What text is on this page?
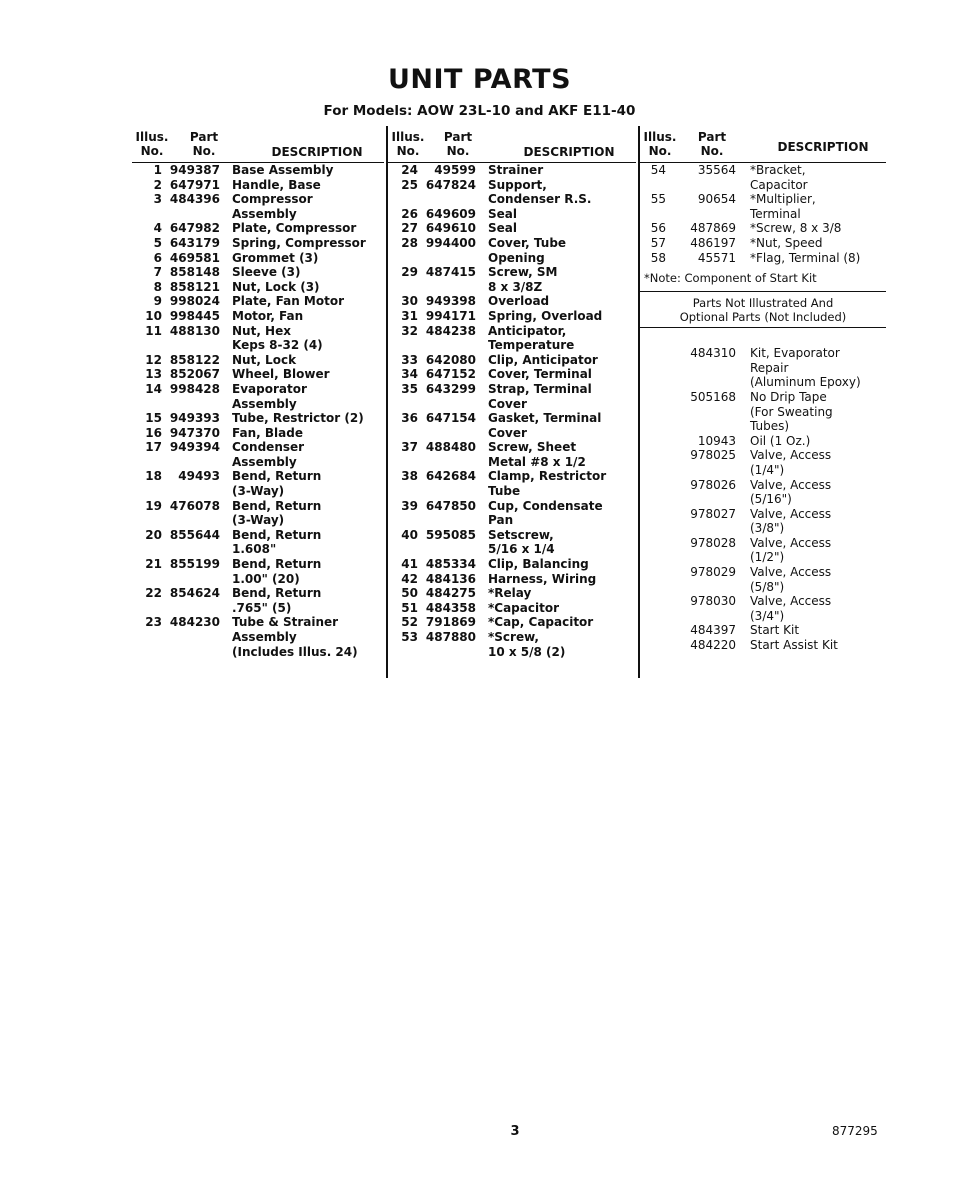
UNIT PARTS
For Models: AOW 23L-10 and AKF E11-40
Illus. No.
Part No.	DESCRIPTION
1 949387	Base Assembly
2 647971	Handle, Base
3 484396	Compressor
Assembly
4 647982	Plate, Compressor
5 643179	Spring, Compressor
6 469581	Grommet (3)
7 858148	Sleeve (3)
8 858121	Nut, Lock (3)
9 998024	Plate, Fan Motor
10 998445	Motor, Fan
11 488130	Nut, Hex
Keps 8-32 (4)
12 858122	Nut, Lock
13 852067	Wheel, Blower
14 998428	Evaporator
Assembly
15 949393	Tube, Restrictor (2)
16 947370	Fan, Blade
17 949394	Condenser
Assembly
18	49493	Bend, Return
(3-Way)
19 476078	Bend, Return
(3-Way)
20 855644	Bend, Return
1.608"
21 855199	Bend, Return
1.00" (20)
22 854624	Bend, Return
.765" (5)
23 484230	Tube & Strainer
Assembly
(Includes Illus. 24)
Illus. No.
Part No.	DESCRIPTION
24	49599	Strainer
25 647824	Support,
Condenser R.S.
26 649609	Seal
27 649610	Seal
28 994400	Cover, Tube
Opening
29 487415	Screw, SM
8 x 3/8Z
30 949398	Overload
31 994171	Spring, Overload
32 484238	Anticipator,
Temperature
33 642080	Clip, Anticipator
34 647152	Cover, Terminal
35 643299	Strap, Terminal
Cover
36 647154	Gasket, Terminal
Cover
37 488480	Screw, Sheet
Metal #8 x 1/2
38 642684	Clamp, Restrictor
Tube
39 647850	Cup, Condensate
Pan
40 595085	Setscrew,
5/16 x 1/4
41 485334	Clip, Balancing
42 484136	Harness, Wiring
50 484275	*Relay
51 484358	*Capacitor
52 791869	*Cap, Capacitor
53 487880	*Screw,
10 x 5/8 (2)
Illus. No.
Part No.	DESCRIPTION
54	35564	*Bracket,
Capacitor
55	90654	*Multiplier,
Terminal
56	487869	*Screw, 8 x 3/8
57	486197	*Nut, Speed
58	45571	*Flag, Terminal (8)
*Note: Component of Start Kit
Parts Not Illustrated And
Optional Parts (Not Included)
484310	Kit, Evaporator
Repair
(Aluminum Epoxy)
505168	No Drip Tape
(For Sweating
Tubes)
10943	Oil (1 Oz.)
978025	Valve, Access
(1/4")
978026	Valve, Access
(5/16")
978027	Valve, Access
(3/8")
978028	Valve, Access
(1/2")
978029	Valve, Access
(5/8")
978030	Valve, Access
(3/4")
484397	Start Kit
484220	Start Assist Kit
3	877295
